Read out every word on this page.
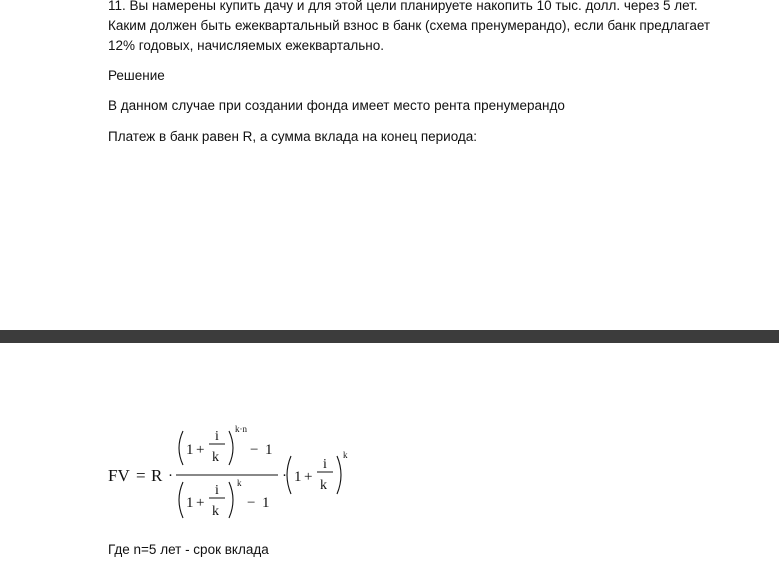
11. Вы намерены купить дачу и для этой цели планируете накопить 10 тыс. долл. через 5 лет.
Каким должен быть ежеквартальный взнос в банк (схема пренумерандо), если банк предлагает
12% годовых, начисляемых ежеквартально.
Решение
В данном случае при создании фонда имеет место рента пренумерандо
Платеж в банк равен R, а сумма вклада на конец периода:
FV = R ·
1 +
i
k
k·n
− 1
1 +
i
k
k
− 1
· 1 +
i
k
k
Где n=5 лет - срок вклада
